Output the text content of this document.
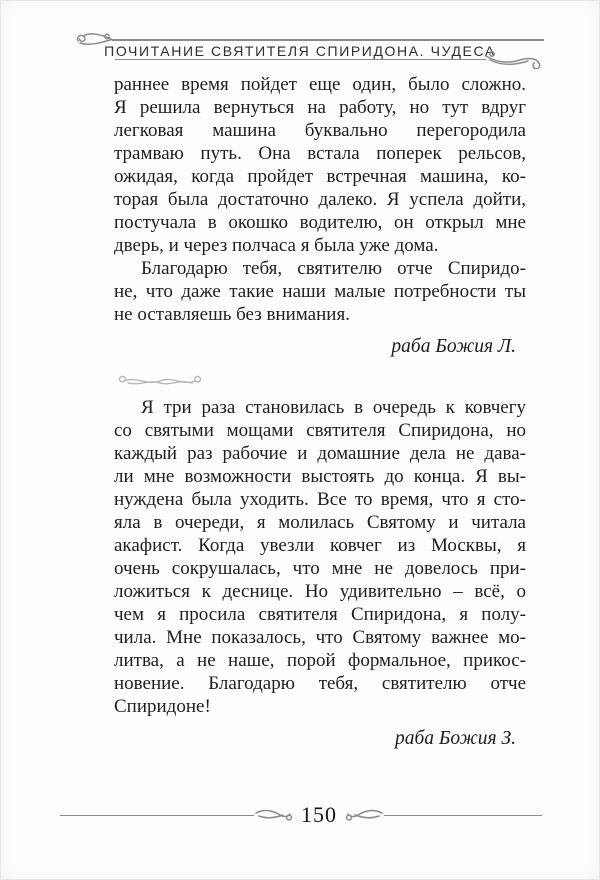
ПОЧИТАНИЕ СВЯТИТЕЛЯ СПИРИДОНА. ЧУДЕСА
раннее время пойдет еще один, было сложно.
Я решила вернуться на работу, но тут вдруг
легковая машина буквально перегородила
трамваю путь. Она встала поперек рельсов,
ожидая, когда пройдет встречная машина, ко-
торая была достаточно далеко. Я успела дойти,
постучала в окошко водителю, он открыл мне
дверь, и через полчаса я была уже дома.
Благодарю тебя, святителю отче Спиридо-
не, что даже такие наши малые потребности ты
не оставляешь без внимания.
раба Божия Л.
Я три раза становилась в очередь к ковчегу
со святыми мощами святителя Спиридона, но
каждый раз рабочие и домашние дела не дава-
ли мне возможности выстоять до конца. Я вы-
нуждена была уходить. Все то время, что я сто-
яла в очереди, я молилась Святому и читала
акафист. Когда увезли ковчег из Москвы, я
очень сокрушалась, что мне не довелось при-
ложиться к деснице. Но удивительно – всё, о
чем я просила святителя Спиридона, я полу-
чила. Мне показалось, что Святому важнее мо-
литва, а не наше, порой формальное, прикос-
новение. Благодарю тебя, святителю отче
Спиридоне!
раба Божия З.
150
